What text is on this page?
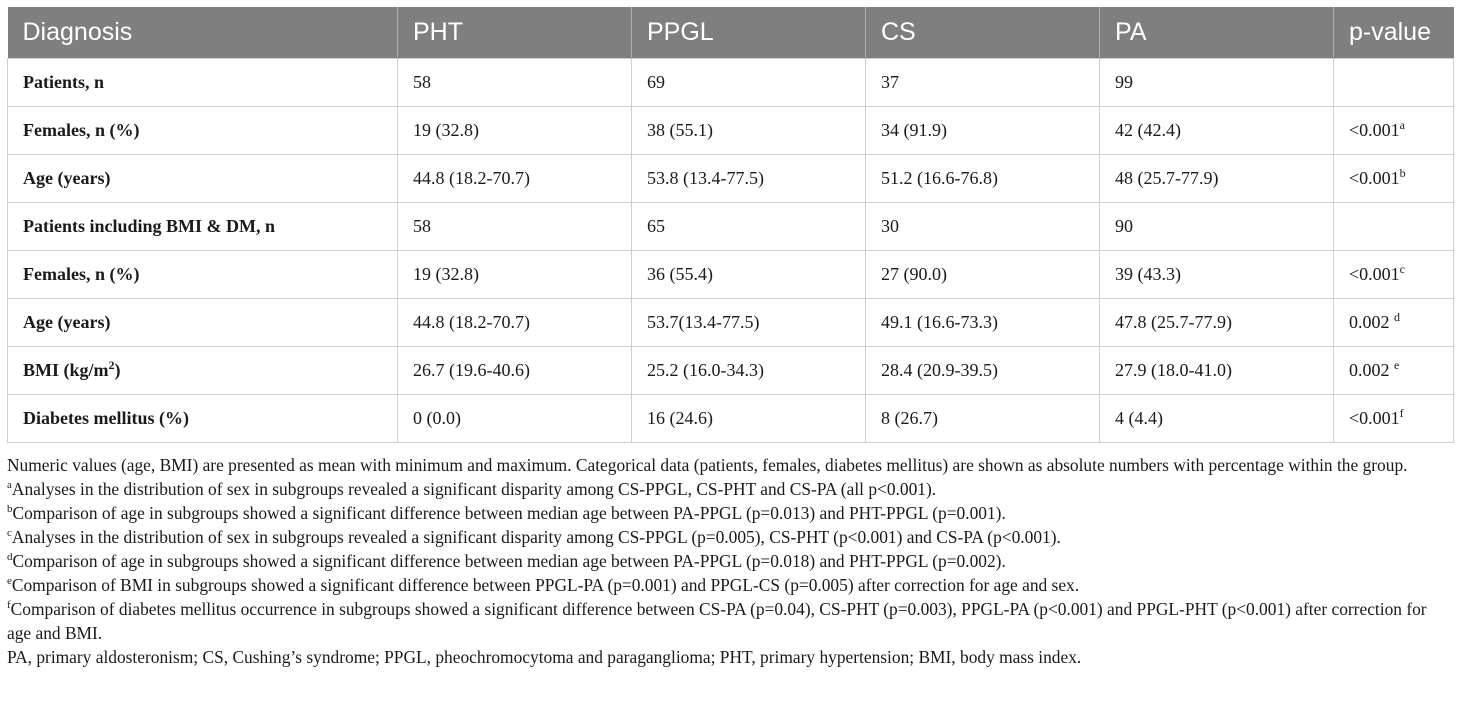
Diagnosis	PHT	PPGL	CS	PA	p-value
Patients, n	58	69	37	99	
Females, n (%)	19 (32.8)	38 (55.1)	34 (91.9)	42 (42.4)	<0.001$^a$
Age (years)	44.8 (18.2-70.7)	53.8 (13.4-77.5)	51.2 (16.6-76.8)	48 (25.7-77.9)	<0.001$^b$
Patients including BMI & DM, n	58	65	30	90	
Females, n (%)	19 (32.8)	36 (55.4)	27 (90.0)	39 (43.3)	<0.001$^c$
Age (years)	44.8 (18.2-70.7)	53.7(13.4-77.5)	49.1 (16.6-73.3)	47.8 (25.7-77.9)	0.002 $^d$
BMI $(kg/m^2)$	26.7 (19.6-40.6)	25.2 (16.0-34.3)	28.4 (20.9-39.5)	27.9 (18.0-41.0)	0.002 $^e$
Diabetes mellitus (%)	0 (0.0)	16 (24.6)	8 (26.7)	4 (4.4)	<0.001$^f$

Numeric values (age, BMI) are presented as mean with minimum and maximum. Categorical data (patients, females, diabetes mellitus) are shown as absolute numbers with percentage within the group.

$^a$Analyses in the distribution of sex in subgroups revealed a significant disparity among CS-PPGL, CS-PHT and CS-PA (all p<0.001).

$^b$Comparison of age in subgroups showed a significant difference between median age between PA-PPGL (p=0.013) and PHT-PPGL (p=0.001).

$^c$Analyses in the distribution of sex in subgroups revealed a significant disparity among CS-PPGL (p=0.005), CS-PHT (p<0.001) and CS-PA (p<0.001).

$^d$Comparison of age in subgroups showed a significant difference between median age between PA-PPGL (p=0.018) and PHT-PPGL (p=0.002).

$^e$Comparison of BMI in subgroups showed a significant difference between PPGL-PA (p=0.001) and PPGL-CS (p=0.005) after correction for age and sex.

$^f$Comparison of diabetes mellitus occurrence in subgroups showed a significant difference between CS-PA (p=0.04), CS-PHT (p=0.003), PPGL-PA (p<0.001) and PPGL-PHT (p<0.001) after correction for age and BMI.

PA, primary aldosteronism; CS, Cushing’s syndrome; PPGL, pheochromocytoma and paraganglioma; PHT, primary hypertension; BMI, body mass index.
